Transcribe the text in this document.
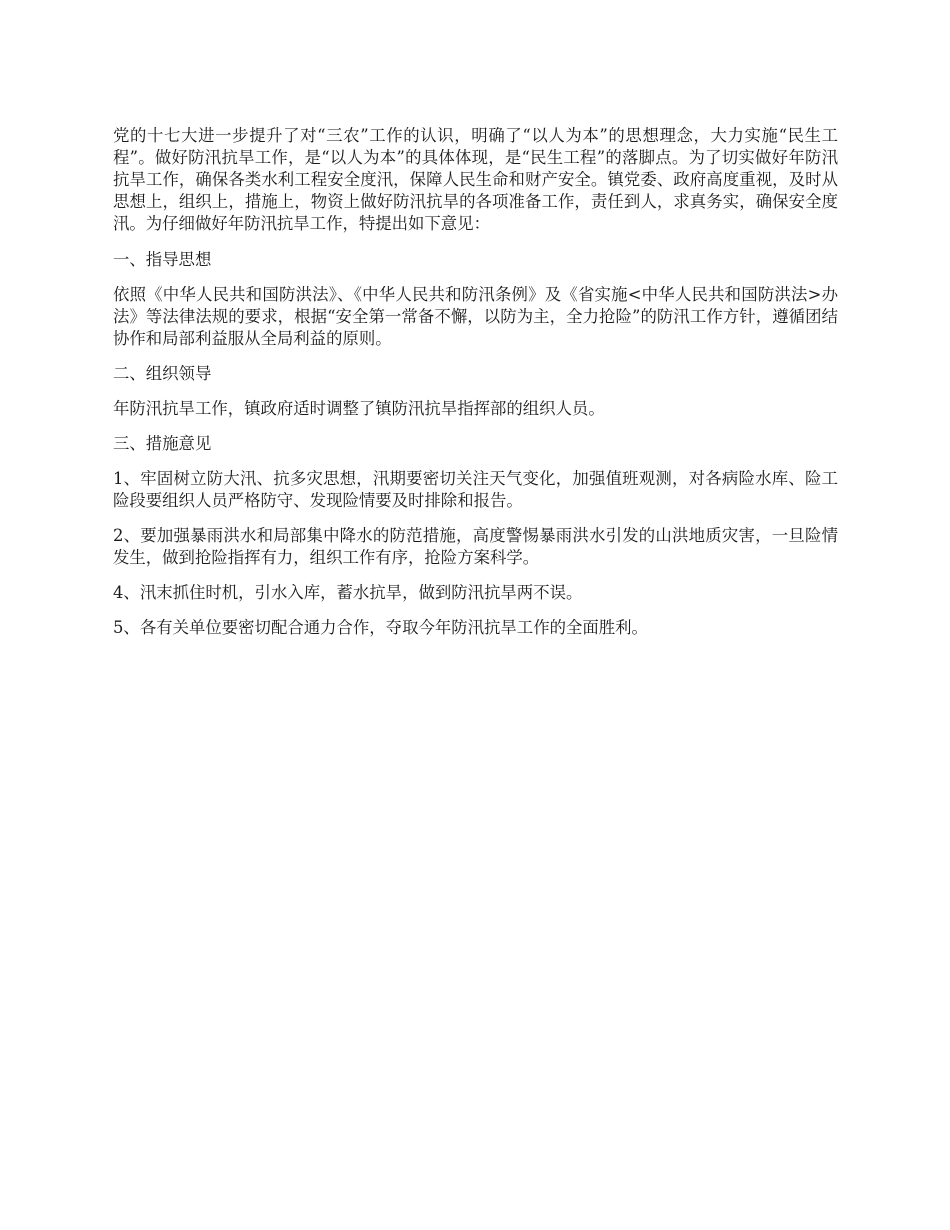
党的十七大进一步提升了对“三农”工作的认识，明确了“以人为本”的思想理念，大力实施“民生工程”。做好防汛抗旱工作，是“以人为本”的具体体现，是“民生工程”的落脚点。为了切实做好年防汛抗旱工作，确保各类水利工程安全度汛，保障人民生命和财产安全。镇党委、政府高度重视，及时从思想上，组织上，措施上，物资上做好防汛抗旱的各项准备工作，责任到人，求真务实，确保安全度汛。为仔细做好年防汛抗旱工作，特提出如下意见：

一、指导思想

依照《中华人民共和国防洪法》、《中华人民共和防汛条例》及《省实施<中华人民共和国防洪法>办法》等法律法规的要求，根据“安全第一常备不懈，以防为主，全力抢险”的防汛工作方针，遵循团结协作和局部利益服从全局利益的原则。

二、组织领导

年防汛抗旱工作，镇政府适时调整了镇防汛抗旱指挥部的组织人员。

三、措施意见

1、牢固树立防大汛、抗多灾思想，汛期要密切关注天气变化，加强值班观测，对各病险水库、险工险段要组织人员严格防守、发现险情要及时排除和报告。

2、要加强暴雨洪水和局部集中降水的防范措施，高度警惕暴雨洪水引发的山洪地质灾害，一旦险情发生，做到抢险指挥有力，组织工作有序，抢险方案科学。

4、汛末抓住时机，引水入库，蓄水抗旱，做到防汛抗旱两不误。

5、各有关单位要密切配合通力合作，夺取今年防汛抗旱工作的全面胜利。
